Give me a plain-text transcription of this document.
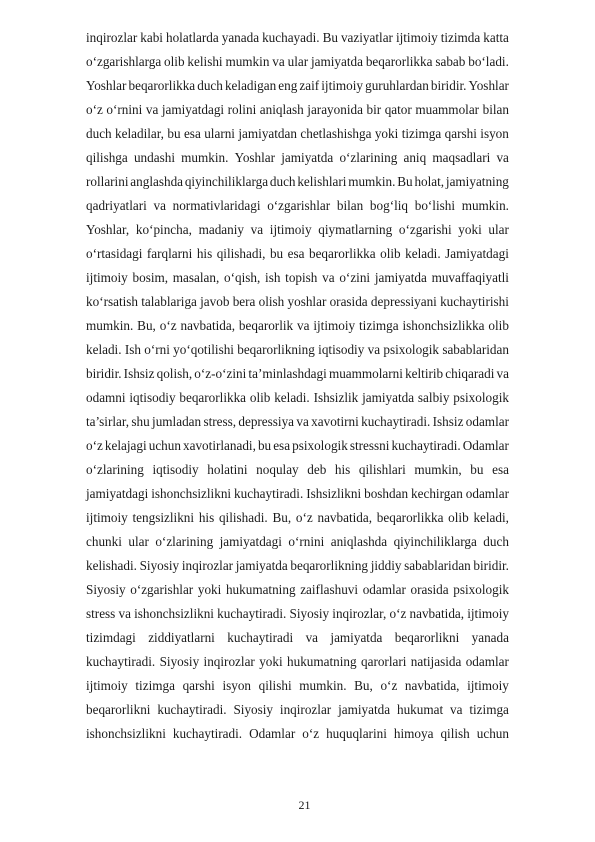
inqirozlar kabi holatlarda yanada kuchayadi. Bu vaziyatlar ijtimoiy tizimda katta
o‘zgarishlarga olib kelishi mumkin va ular jamiyatda beqarorlikka sabab bo‘ladi.
Yoshlar beqarorlikka duch keladigan eng zaif ijtimoiy guruhlardan biridir. Yoshlar
o‘z o‘rnini va jamiyatdagi rolini aniqlash jarayonida bir qator muammolar bilan
duch keladilar, bu esa ularni jamiyatdan chetlashishga yoki tizimga qarshi isyon
qilishga undashi mumkin. Yoshlar jamiyatda o‘zlarining aniq maqsadlari va
rollarini anglashda qiyinchiliklarga duch kelishlari mumkin. Bu holat, jamiyatning
qadriyatlari va normativlaridagi o‘zgarishlar bilan bog‘liq bo‘lishi mumkin.
Yoshlar, ko‘pincha, madaniy va ijtimoiy qiymatlarning o‘zgarishi yoki ular
o‘rtasidagi farqlarni his qilishadi, bu esa beqarorlikka olib keladi. Jamiyatdagi
ijtimoiy bosim, masalan, o‘qish, ish topish va o‘zini jamiyatda muvaffaqiyatli
ko‘rsatish talablariga javob bera olish yoshlar orasida depressiyani kuchaytirishi
mumkin. Bu, o‘z navbatida, beqarorlik va ijtimoiy tizimga ishonchsizlikka olib
keladi. Ish o‘rni yo‘qotilishi beqarorlikning iqtisodiy va psixologik sabablaridan
biridir. Ishsiz qolish, o‘z-o‘zini ta’minlashdagi muammolarni keltirib chiqaradi va
odamni iqtisodiy beqarorlikka olib keladi. Ishsizlik jamiyatda salbiy psixologik
ta’sirlar, shu jumladan stress, depressiya va xavotirni kuchaytiradi. Ishsiz odamlar
o‘z kelajagi uchun xavotirlanadi, bu esa psixologik stressni kuchaytiradi. Odamlar
o‘zlarining iqtisodiy holatini noqulay deb his qilishlari mumkin, bu esa
jamiyatdagi ishonchsizlikni kuchaytiradi. Ishsizlikni boshdan kechirgan odamlar
ijtimoiy tengsizlikni his qilishadi. Bu, o‘z navbatida, beqarorlikka olib keladi,
chunki ular o‘zlarining jamiyatdagi o‘rnini aniqlashda qiyinchiliklarga duch
kelishadi. Siyosiy inqirozlar jamiyatda beqarorlikning jiddiy sabablaridan biridir.
Siyosiy o‘zgarishlar yoki hukumatning zaiflashuvi odamlar orasida psixologik
stress va ishonchsizlikni kuchaytiradi. Siyosiy inqirozlar, o‘z navbatida, ijtimoiy
tizimdagi ziddiyatlarni kuchaytiradi va jamiyatda beqarorlikni yanada
kuchaytiradi. Siyosiy inqirozlar yoki hukumatning qarorlari natijasida odamlar
ijtimoiy tizimga qarshi isyon qilishi mumkin. Bu, o‘z navbatida, ijtimoiy
beqarorlikni kuchaytiradi. Siyosiy inqirozlar jamiyatda hukumat va tizimga
ishonchsizlikni kuchaytiradi. Odamlar o‘z huquqlarini himoya qilish uchun
21
